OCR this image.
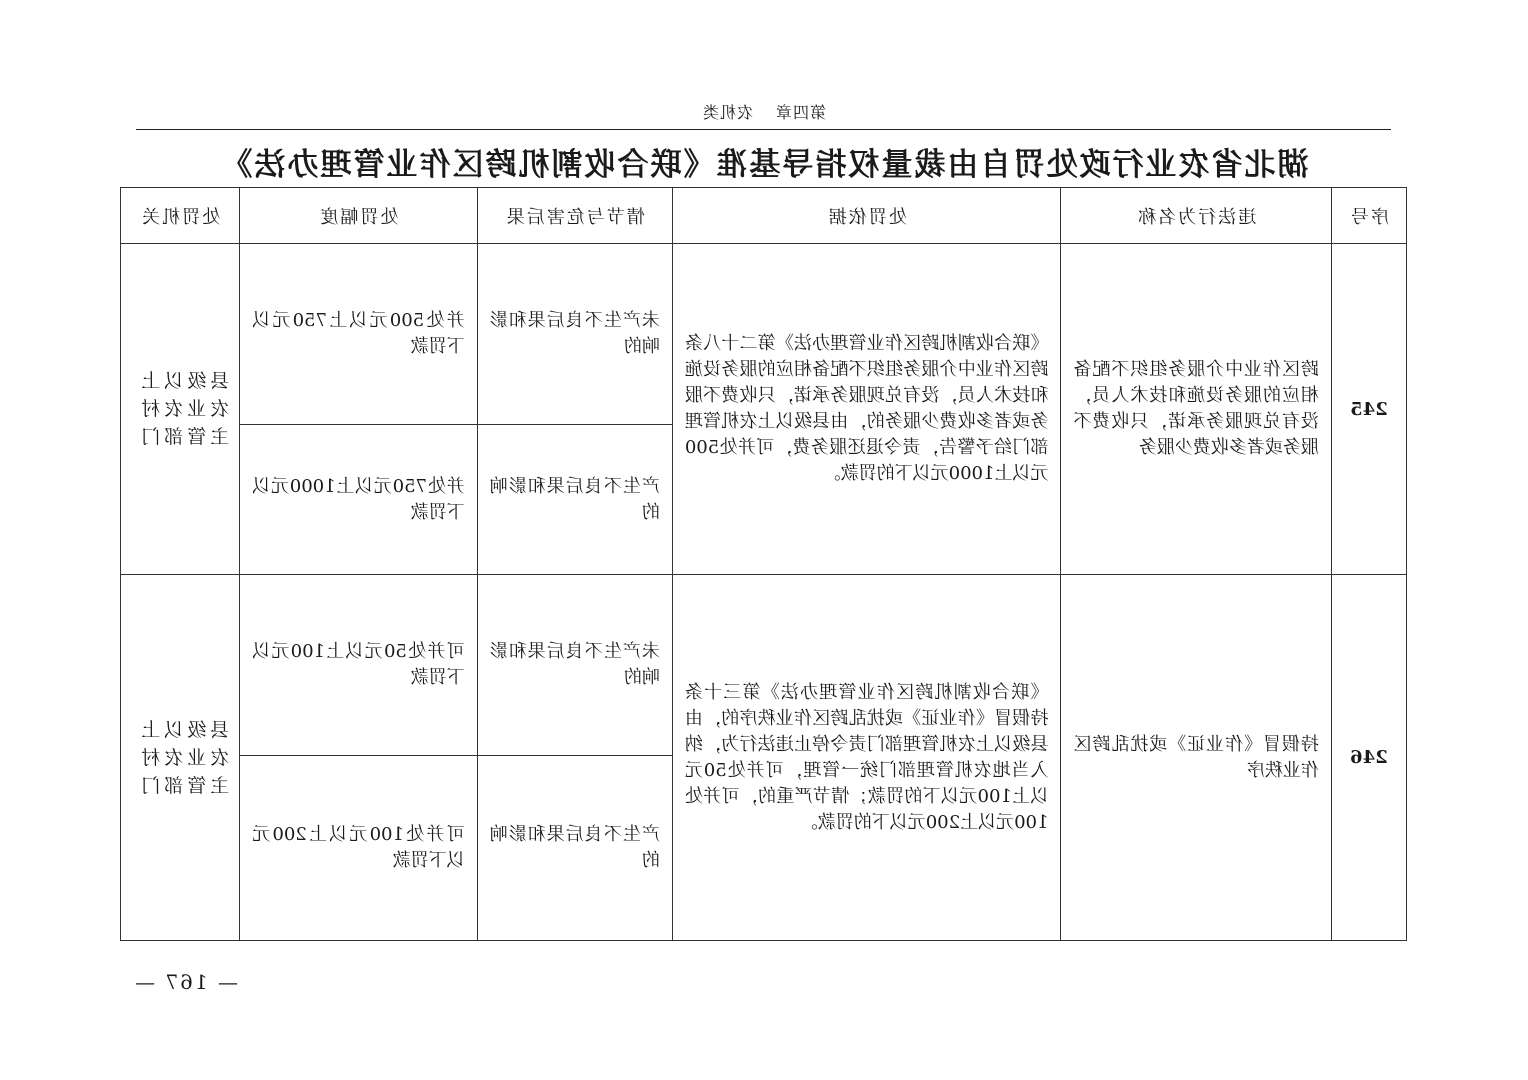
第四章 农机类
湖北省农业行政处罚自由裁量权指导基准《联合收割机跨区作业管理办法》
序号	违法行为名称	处罚依据	情节与危害后果	处罚幅度	处罚机关
245	跨区作业中介服务组织不配备相应的服务设施和技术人员，没有兑现服务承诺，只收费不服务或者多收费少服务	《联合收割机跨区作业管理办法》第二十八条 跨区作业中介服务组织不配备相应的服务设施和技术人员，没有兑现服务承诺，只收费不服务或者多收费少服务的，由县级以上农机管理部门给予警告，责令退还服务费，可并处500元以上1000元以下的罚款。	未产生不良后果和影响的	并处500元以上750元以下罚款	县级以上农业农村主管部门

			产生不良后果和影响的	并处750元以上1000元以下罚款	

246	持假冒《作业证》或扰乱跨区作业秩序	《联合收割机跨区作业管理办法》第三十条 持假冒《作业证》或扰乱跨区作业秩序的，由县级以上农机管理部门责令停止违法行为，纳入当地农机管理部门统一管理，可并处50元以上100元以下的罚款；情节严重的，可并处100元以上200元以下的罚款。	未产生不良后果和影响的	可并处50元以上100元以下罚款	县级以上农业农村主管部门

			产生不良后果和影响的	可并处100元以上200元以下罚款	
— 167 —
